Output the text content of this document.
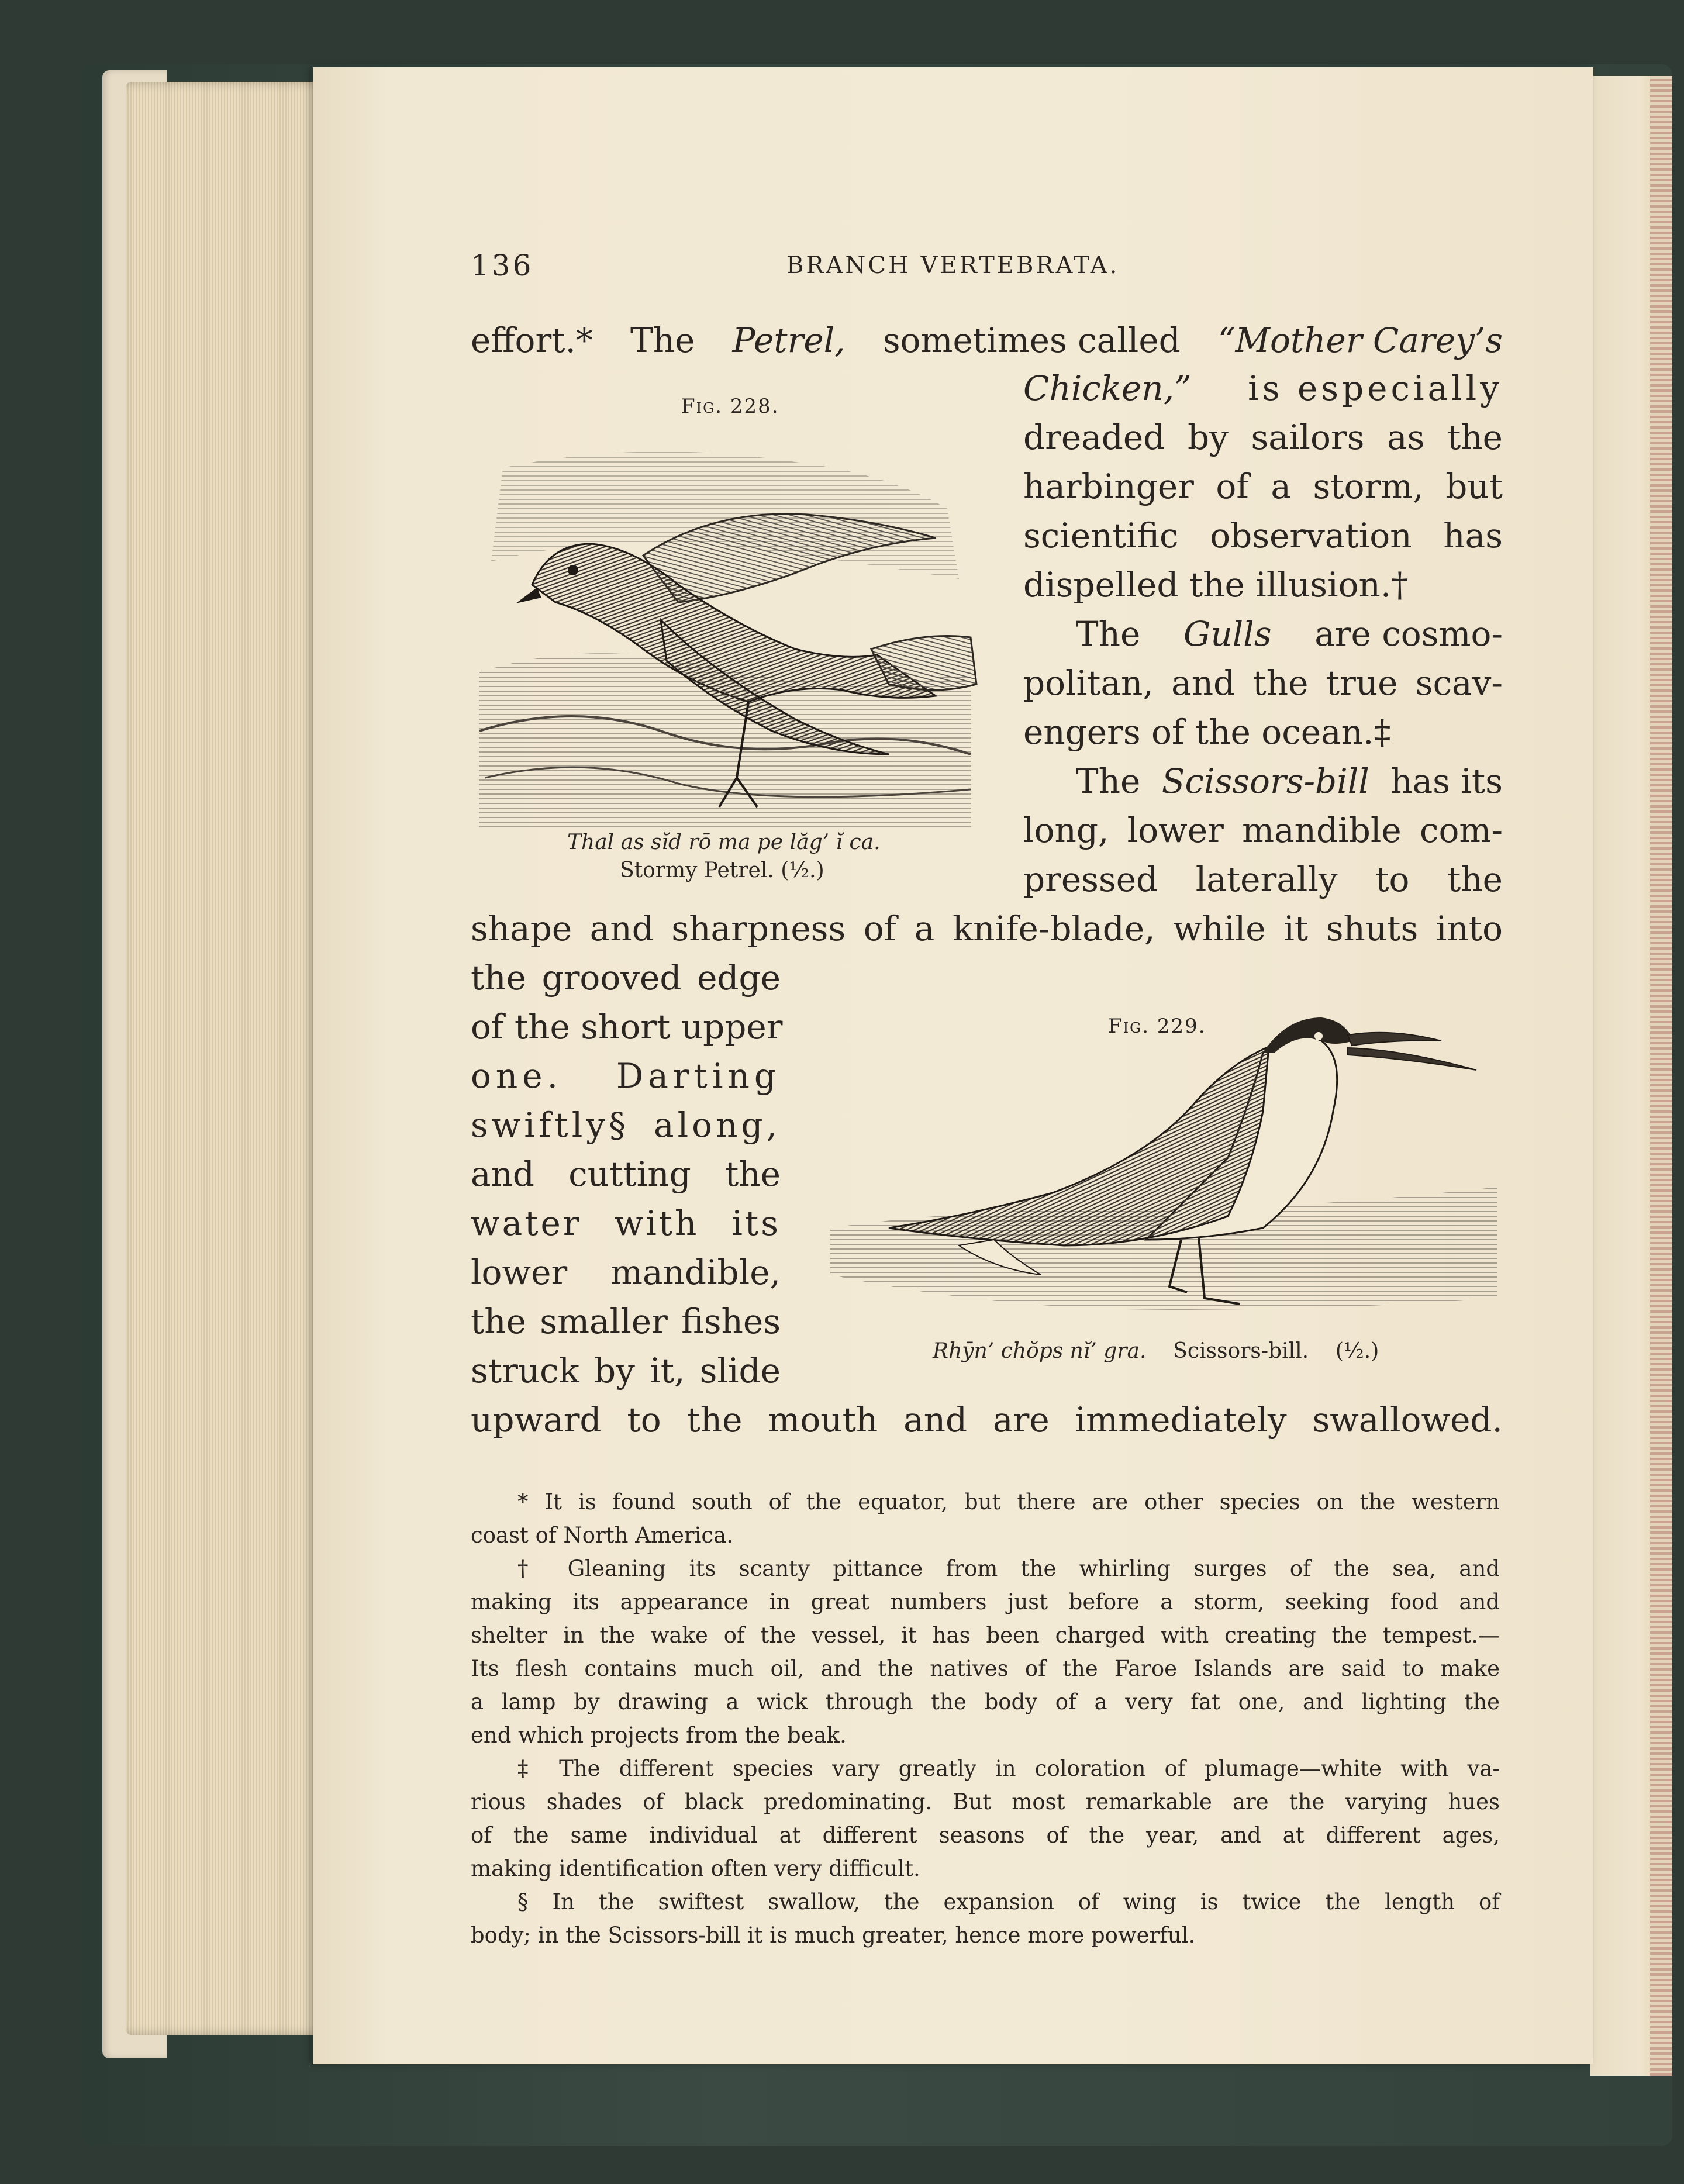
136	BRANCH VERTEBRATA.
effort.* The Petrel, sometimes called “Mother Carey’s
Chicken,” is especially
dreaded by sailors as the
harbinger of a storm, but
scientific observation has
dispelled the illusion.†
The Gulls are cosmo-
politan, and the true scav-
engers of the ocean.‡
The Scissors-bill has its
long, lower mandible com-
pressed laterally to the
shape and sharpness of a knife-blade, while it shuts into
the grooved edge
of the short upper
one. Darting
swiftly§ along,
and cutting the
water with its
lower mandible,
the smaller fishes
struck by it, slide
upward to the mouth and are immediately swallowed.
Fig. 228.
Thal as sĭd rō ma pe lăg’ ĭ ca.
Stormy Petrel. (½.)
Fig. 229.
Rhȳn’ chŏps nĭ’ gra. Scissors-bill. (½.)
* It is found south of the equator, but there are other species on the western
coast of North America.
† Gleaning its scanty pittance from the whirling surges of the sea, and
making its appearance in great numbers just before a storm, seeking food and
shelter in the wake of the vessel, it has been charged with creating the tempest.—
Its flesh contains much oil, and the natives of the Faroe Islands are said to make
a lamp by drawing a wick through the body of a very fat one, and lighting the
end which projects from the beak.
‡ The different species vary greatly in coloration of plumage—white with va-
rious shades of black predominating. But most remarkable are the varying hues
of the same individual at different seasons of the year, and at different ages,
making identification often very difficult.
§ In the swiftest swallow, the expansion of wing is twice the length of
body; in the Scissors-bill it is much greater, hence more powerful.
